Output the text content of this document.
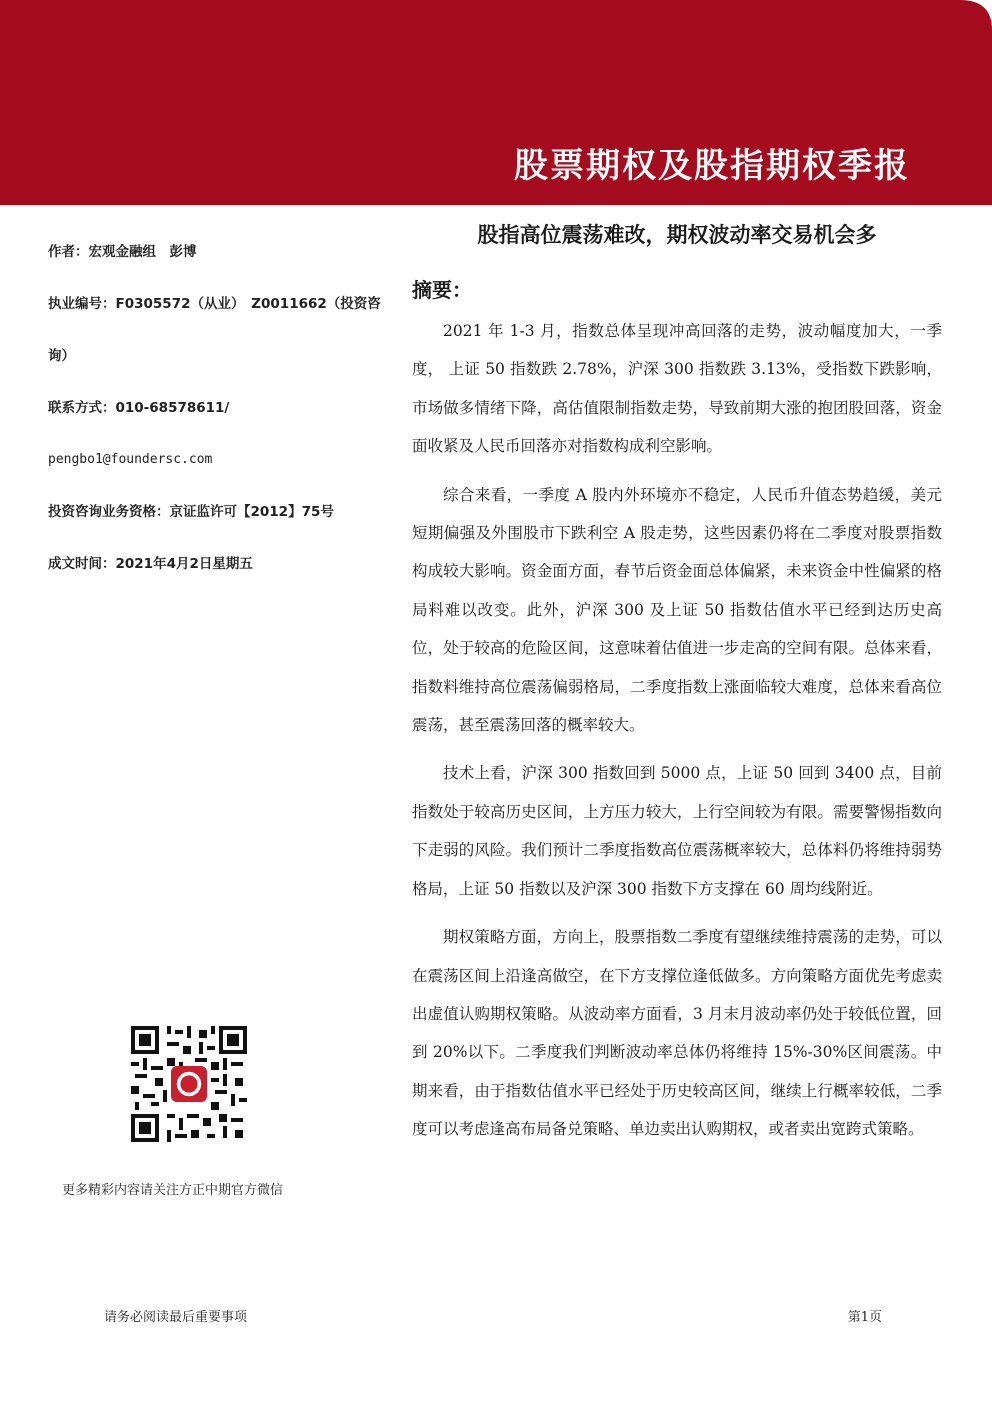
股票期权及股指期权季报

作者：宏观金融组　彭博

执业编号：F0305572（从业）　Z0011662（投资咨

询）

联系方式：010-68578611/

pengbo1@foundersc.com

投资咨询业务资格：京证监许可【2012】75号

成文时间：2021年4月2日星期五

更多精彩内容请关注方正中期官方微信
股指高位震荡难改，期权波动率交易机会多
摘要：

2021 年 1-3 月，指数总体呈现冲高回落的走势，波动幅度加大，一季度， 上证 50 指数跌 2.78%，沪深 300 指数跌 3.13%，受指数下跌影响，市场做多情绪下降，高估值限制指数走势，导致前期大涨的抱团股回落，资金面收紧及人民币回落亦对指数构成利空影响。

综合来看，一季度 A 股内外环境亦不稳定，人民币升值态势趋缓，美元短期偏强及外围股市下跌利空 A 股走势，这些因素仍将在二季度对股票指数构成较大影响。资金面方面，春节后资金面总体偏紧，未来资金中性偏紧的格局料难以改变。此外，沪深 300 及上证 50 指数估值水平已经到达历史高位，处于较高的危险区间，这意味着估值进一步走高的空间有限。总体来看，指数料维持高位震荡偏弱格局，二季度指数上涨面临较大难度，总体来看高位震荡，甚至震荡回落的概率较大。

技术上看，沪深 300 指数回到 5000 点，上证 50 回到 3400 点，目前指数处于较高历史区间，上方压力较大，上行空间较为有限。需要警惕指数向下走弱的风险。我们预计二季度指数高位震荡概率较大，总体料仍将维持弱势格局，上证 50 指数以及沪深 300 指数下方支撑在 60 周均线附近。

期权策略方面，方向上，股票指数二季度有望继续维持震荡的走势，可以在震荡区间上沿逢高做空，在下方支撑位逢低做多。方向策略方面优先考虑卖出虚值认购期权策略。从波动率方面看，3 月末月波动率仍处于较低位置，回到 20%以下。二季度我们判断波动率总体仍将维持 15%-30%区间震荡。中期来看，由于指数估值水平已经处于历史较高区间，继续上行概率较低，二季度可以考虑逢高布局备兑策略、单边卖出认购期权，或者卖出宽跨式策略。

请务必阅读最后重要事项	第1页
